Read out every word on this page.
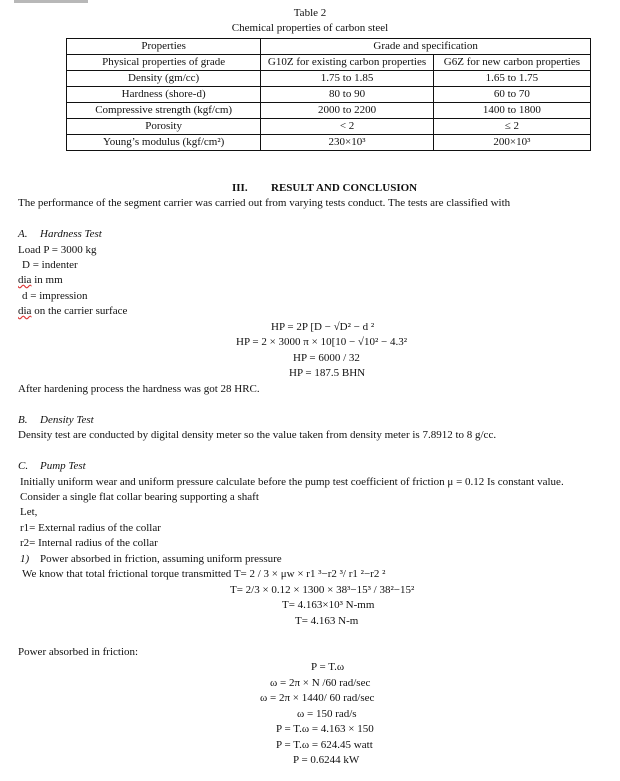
Table 2
Chemical properties of carbon steel
Properties	Grade and specification	
Physical properties of grade	G10Z for existing carbon properties	G6Z for new carbon properties
Density (gm/cc)	1.75 to 1.85	1.65 to 1.75
Hardness (shore-d)	80 to 90	60 to 70
Compressive strength (kgf/cm)	2000 to 2200	1400 to 1800
Porosity	< 2	≤ 2
Young’s modulus (kgf/cm²)	230×10³	200×10³
III. RESULT AND CONCLUSION
The performance of the segment carrier was carried out from varying tests conduct. The tests are classified with
A. Hardness Test
Load P = 3000 kg
D = indenter
dia in mm
d = impression
dia on the carrier surface
HP = 2P [D − √D² − d ²
HP = 2 × 3000 π × 10[10 − √10² − 4.3²
HP = 6000 / 32
HP = 187.5 BHN
After hardening process the hardness was got 28 HRC.
B. Density Test
Density test are conducted by digital density meter so the value taken from density meter is 7.8912 to 8 g/cc.
C. Pump Test
Initially uniform wear and uniform pressure calculate before the pump test coefficient of friction μ = 0.12 Is constant value.
Consider a single flat collar bearing supporting a shaft
Let,
r1= External radius of the collar
r2= Internal radius of the collar
1) Power absorbed in friction, assuming uniform pressure
We know that total frictional torque transmitted T= 2 / 3 × μw × r1 ³−r2 ³/ r1 ²−r2 ²
T= 2/3 × 0.12 × 1300 × 38³−15³ / 38²−15²
T= 4.163×10³ N-mm
T= 4.163 N-m
Power absorbed in friction:
P = T.ω
ω = 2π × N /60 rad/sec
ω = 2π × 1440/ 60 rad/sec
ω = 150 rad/s
P = T.ω = 4.163 × 150
P = T.ω = 624.45 watt
P = 0.6244 kW
